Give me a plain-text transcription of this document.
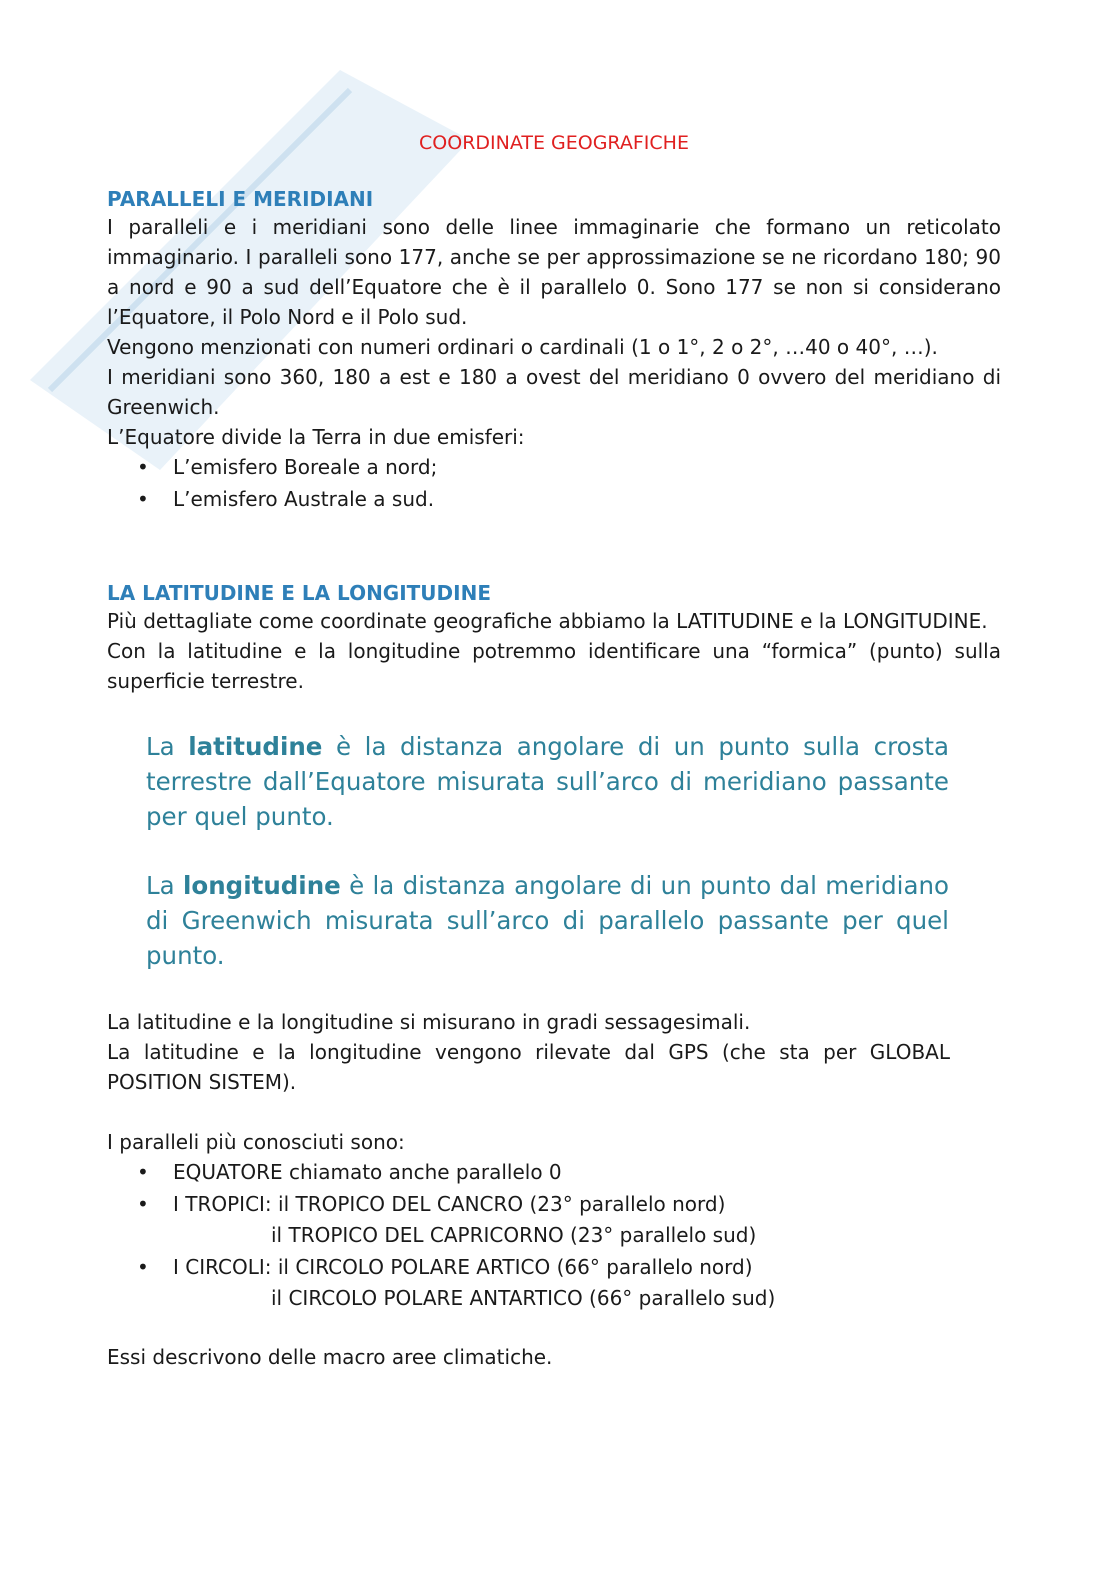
COORDINATE GEOGRAFICHE
PARALLELI E MERIDIANI

I paralleli e i meridiani sono delle linee immaginarie che formano un reticolato immaginario. I paralleli sono 177, anche se per approssimazione se ne ricordano 180; 90 a nord e 90 a sud dell’Equatore che è il parallelo 0. Sono 177 se non si considerano l’Equatore, il Polo Nord e il Polo sud.

Vengono menzionati con numeri ordinari o cardinali (1 o 1°, 2 o 2°, …40 o 40°, …).

I meridiani sono 360, 180 a est e 180 a ovest del meridiano 0 ovvero del meridiano di Greenwich.

L’Equatore divide la Terra in due emisferi:

• L’emisfero Boreale a nord;
• L’emisfero Australe a sud.
LA LATITUDINE E LA LONGITUDINE

Più dettagliate come coordinate geografiche abbiamo la LATITUDINE e la LONGITUDINE.

Con la latitudine e la longitudine potremmo identificare una “formica” (punto) sulla superficie terrestre.

La latitudine è la distanza angolare di un punto sulla crosta terrestre dall’Equatore misurata sull’arco di meridiano passante per quel punto.

La longitudine è la distanza angolare di un punto dal meridiano di Greenwich misurata sull’arco di parallelo passante per quel punto.

La latitudine e la longitudine si misurano in gradi sessagesimali.

La latitudine e la longitudine vengono rilevate dal GPS (che sta per GLOBAL POSITION SISTEM).

I paralleli più conosciuti sono:

• EQUATORE chiamato anche parallelo 0
• I TROPICI: il TROPICO DEL CANCRO (23° parallelo nord)
il TROPICO DEL CAPRICORNO (23° parallelo sud)
• I CIRCOLI: il CIRCOLO POLARE ARTICO (66° parallelo nord)
il CIRCOLO POLARE ANTARTICO (66° parallelo sud)

Essi descrivono delle macro aree climatiche.
